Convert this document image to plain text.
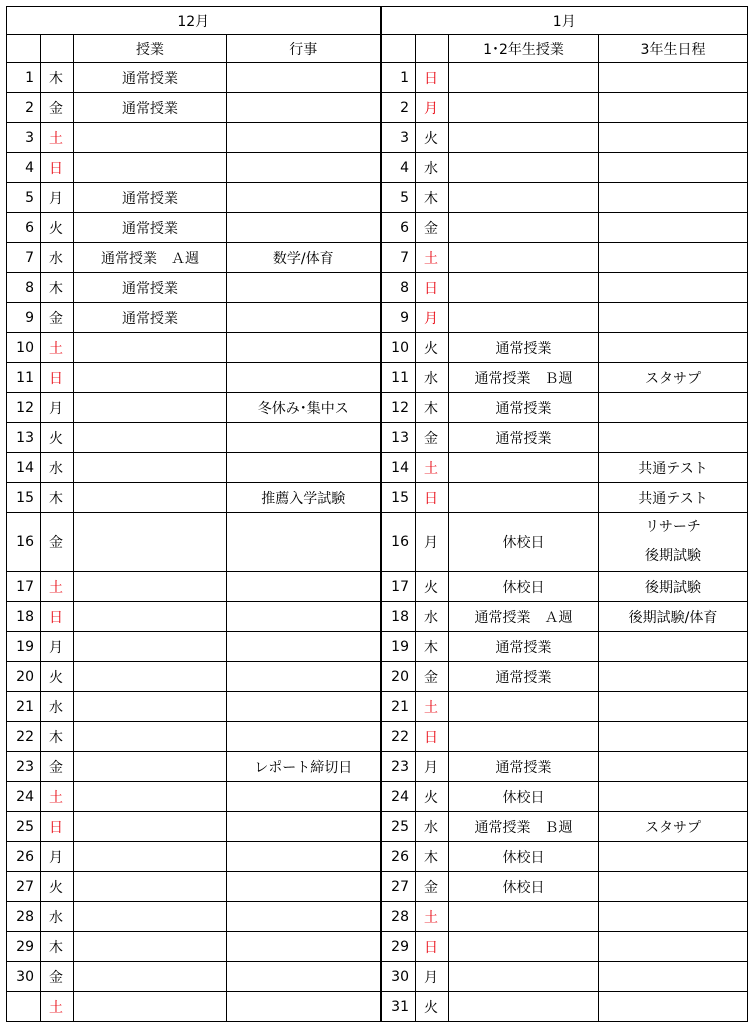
12月				1月			
		授業	行事			1･2年生授業	3年生日程
1	木	通常授業		1	日		
2	金	通常授業		2	月		
3	土			3	火		
4	日			4	水		
5	月	通常授業		5	木		
6	火	通常授業		6	金		
7	水	通常授業　Ａ週	数学/体育	7	土		
8	木	通常授業		8	日		
9	金	通常授業		9	月		
10	土			10	火	通常授業	
11	日			11	水	通常授業　Ｂ週	スタサプ
12	月		冬休み･集中ス	12	木	通常授業	
13	火			13	金	通常授業	
14	水			14	土		共通テスト
15	木		推薦入学試験	15	日		共通テスト
16	金			16	月	休校日	リサーチ
後期試験

17	土			17	火	休校日	後期試験
18	日			18	水	通常授業　Ａ週	後期試験/体育
19	月			19	木	通常授業	
20	火			20	金	通常授業	
21	水			21	土		
22	木			22	日		
23	金		レポート締切日	23	月	通常授業	
24	土			24	火	休校日	
25	日			25	水	通常授業　Ｂ週	スタサプ
26	月			26	木	休校日	
27	火			27	金	休校日	
28	水			28	土		
29	木			29	日		
30	金			30	月		
	土			31	火		
